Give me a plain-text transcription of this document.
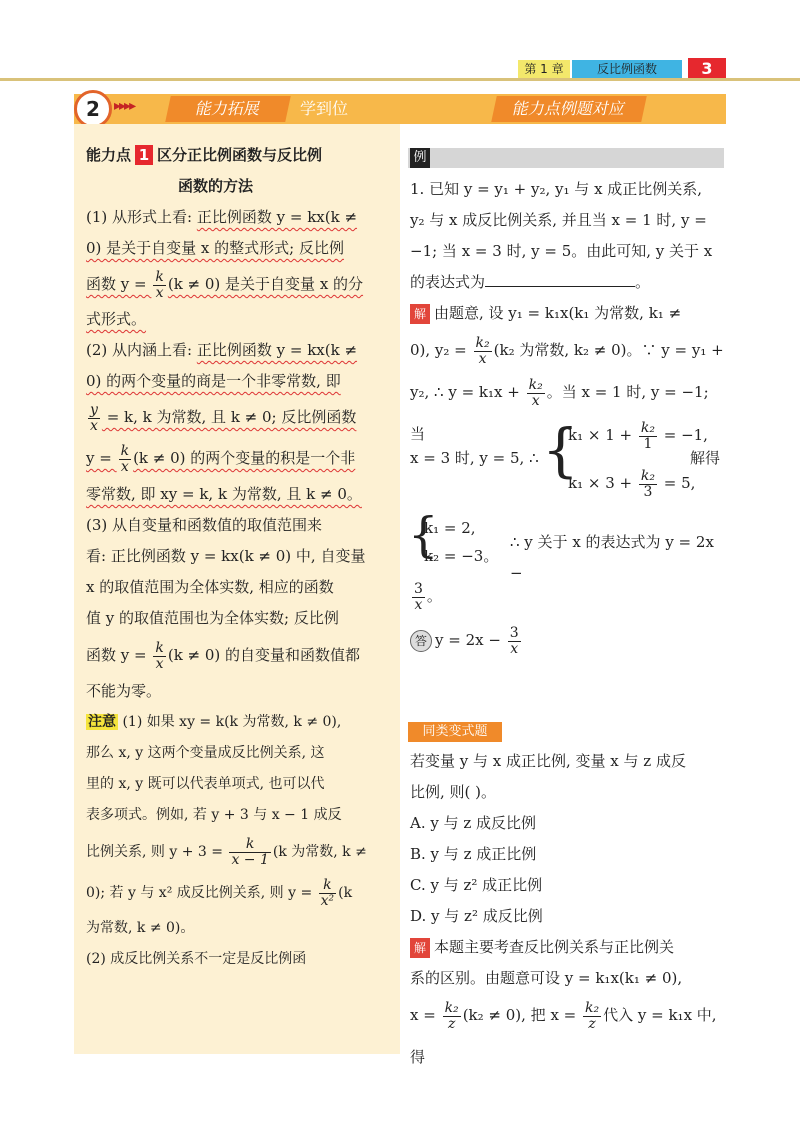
第 1 章	反比例函数	3
2	▸▸▸▸	能力拓展	学到位	能力点例题对应
能力点 1 区分正比例函数与反比例
函数的方法
(1) 从形式上看: 正比例函数 y = kx(k ≠
0) 是关于自变量 x 的整式形式; 反比例
函数 $y = \frac{k}{x} (k \ne 0)$ 是关于自变量 x 的分
式形式。
(2) 从内涵上看: 正比例函数 y = kx(k ≠
0) 的两个变量的商是一个非零常数, 即
$\frac{y}{x} = k$, k 为常数, 且 k ≠ 0; 反比例函数
$y = \frac{k}{x} (k \ne 0)$ 的两个变量的积是一个非
零常数, 即 xy = k, k 为常数, 且 k ≠ 0。
(3) 从自变量和函数值的取值范围来
看: 正比例函数 y = kx(k ≠ 0) 中, 自变量
x 的取值范围为全体实数, 相应的函数
值 y 的取值范围也为全体实数; 反比例
函数 $y = \frac{k}{x} (k \ne 0)$ 的自变量和函数值都
不能为零。
注意 (1) 如果 xy = k(k 为常数, k ≠ 0),
那么 x, y 这两个变量成反比例关系, 这
里的 x, y 既可以代表单项式, 也可以代
表多项式。例如, 若 y + 3 与 x − 1 成反
比例关系, 则 $y + 3 = \frac{k}{x - 1} (k$ 为常数, k ≠
0); 若 y 与 x² 成反比例关系, 则 $y = \frac{k}{\text{x²}} (k$
为常数, k ≠ 0)。
(2) 成反比例关系不一定是反比例函
例
1. 已知 y = y₁ + y₂, y₁ 与 x 成正比例关系,
y₂ 与 x 成反比例关系, 并且当 x = 1 时, y =
−1; 当 x = 3 时, y = 5。由此可知, y 关于 x
的表达式为	。
解 由题意, 设 y₁ = k₁x(k₁ 为常数, k₁ ≠
0), $y_2 = \frac{\text{k₂}}{x} (k_2$ 为常数, k₂ ≠ 0)。∵ y = y₁ +
y₂, ∴ $y = k_1x + \frac{\text{k₂}}{x}$ 。当 x = 1 时, y = −1; 当
x = 3 时, y = 5, ∴ {
$k_1 \times 1 + \frac{\text{k₂}}{1} = -1$,
$k_1 \times 3 + \frac{\text{k₂}}{3} = 5$,
解得
{
k₁ = 2,
k₂ = −3。
∴ y 关于 x 的表达式为 y = 2x −
$\frac{3}{x}$ 。
答 $y = 2x - \frac{3}{x}$
同类变式题
若变量 y 与 x 成正比例, 变量 x 与 z 成反
比例, 则( )。
A. y 与 z 成反比例
B. y 与 z 成正比例
C. y 与 z² 成正比例
D. y 与 z² 成反比例
解 本题主要考查反比例关系与正比例关
系的区别。由题意可设 y = k₁x(k₁ ≠ 0),
$x = \frac{\text{k₂}}{z} (k_2 \ne 0)$, 把 $x = \frac{\text{k₂}}{z}$ 代入 y = k₁x 中, 得
